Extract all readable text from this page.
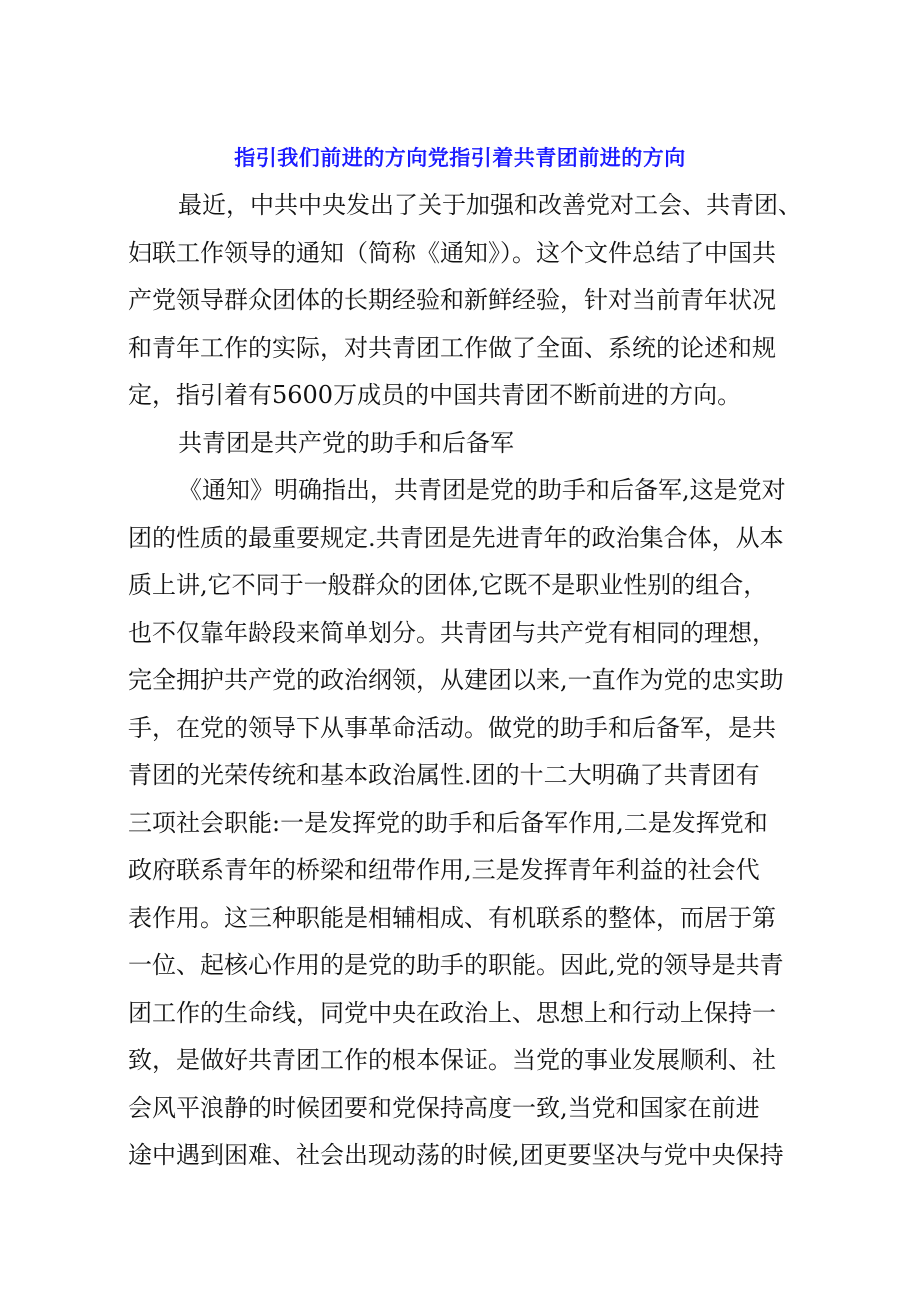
指引我们前进的方向党指引着共青团前进的方向
最近，中共中央发出了关于加强和改善党对工会、共青团、
妇联工作领导的通知（简称《通知》）。这个文件总结了中国共
产党领导群众团体的长期经验和新鲜经验，针对当前青年状况
和青年工作的实际，对共青团工作做了全面、系统的论述和规
定，指引着有5600万成员的中国共青团不断前进的方向。
共青团是共产党的助手和后备军
《通知》明确指出，共青团是党的助手和后备军,这是党对
团的性质的最重要规定.共青团是先进青年的政治集合体，从本
质上讲,它不同于一般群众的团体,它既不是职业性别的组合，
也不仅靠年龄段来简单划分。共青团与共产党有相同的理想，
完全拥护共产党的政治纲领，从建团以来,一直作为党的忠实助
手，在党的领导下从事革命活动。做党的助手和后备军，是共
青团的光荣传统和基本政治属性.团的十二大明确了共青团有
三项社会职能:一是发挥党的助手和后备军作用,二是发挥党和
政府联系青年的桥梁和纽带作用,三是发挥青年利益的社会代
表作用。这三种职能是相辅相成、有机联系的整体，而居于第
一位、起核心作用的是党的助手的职能。因此,党的领导是共青
团工作的生命线，同党中央在政治上、思想上和行动上保持一
致，是做好共青团工作的根本保证。当党的事业发展顺利、社
会风平浪静的时候团要和党保持高度一致,当党和国家在前进
途中遇到困难、社会出现动荡的时候,团更要坚决与党中央保持
